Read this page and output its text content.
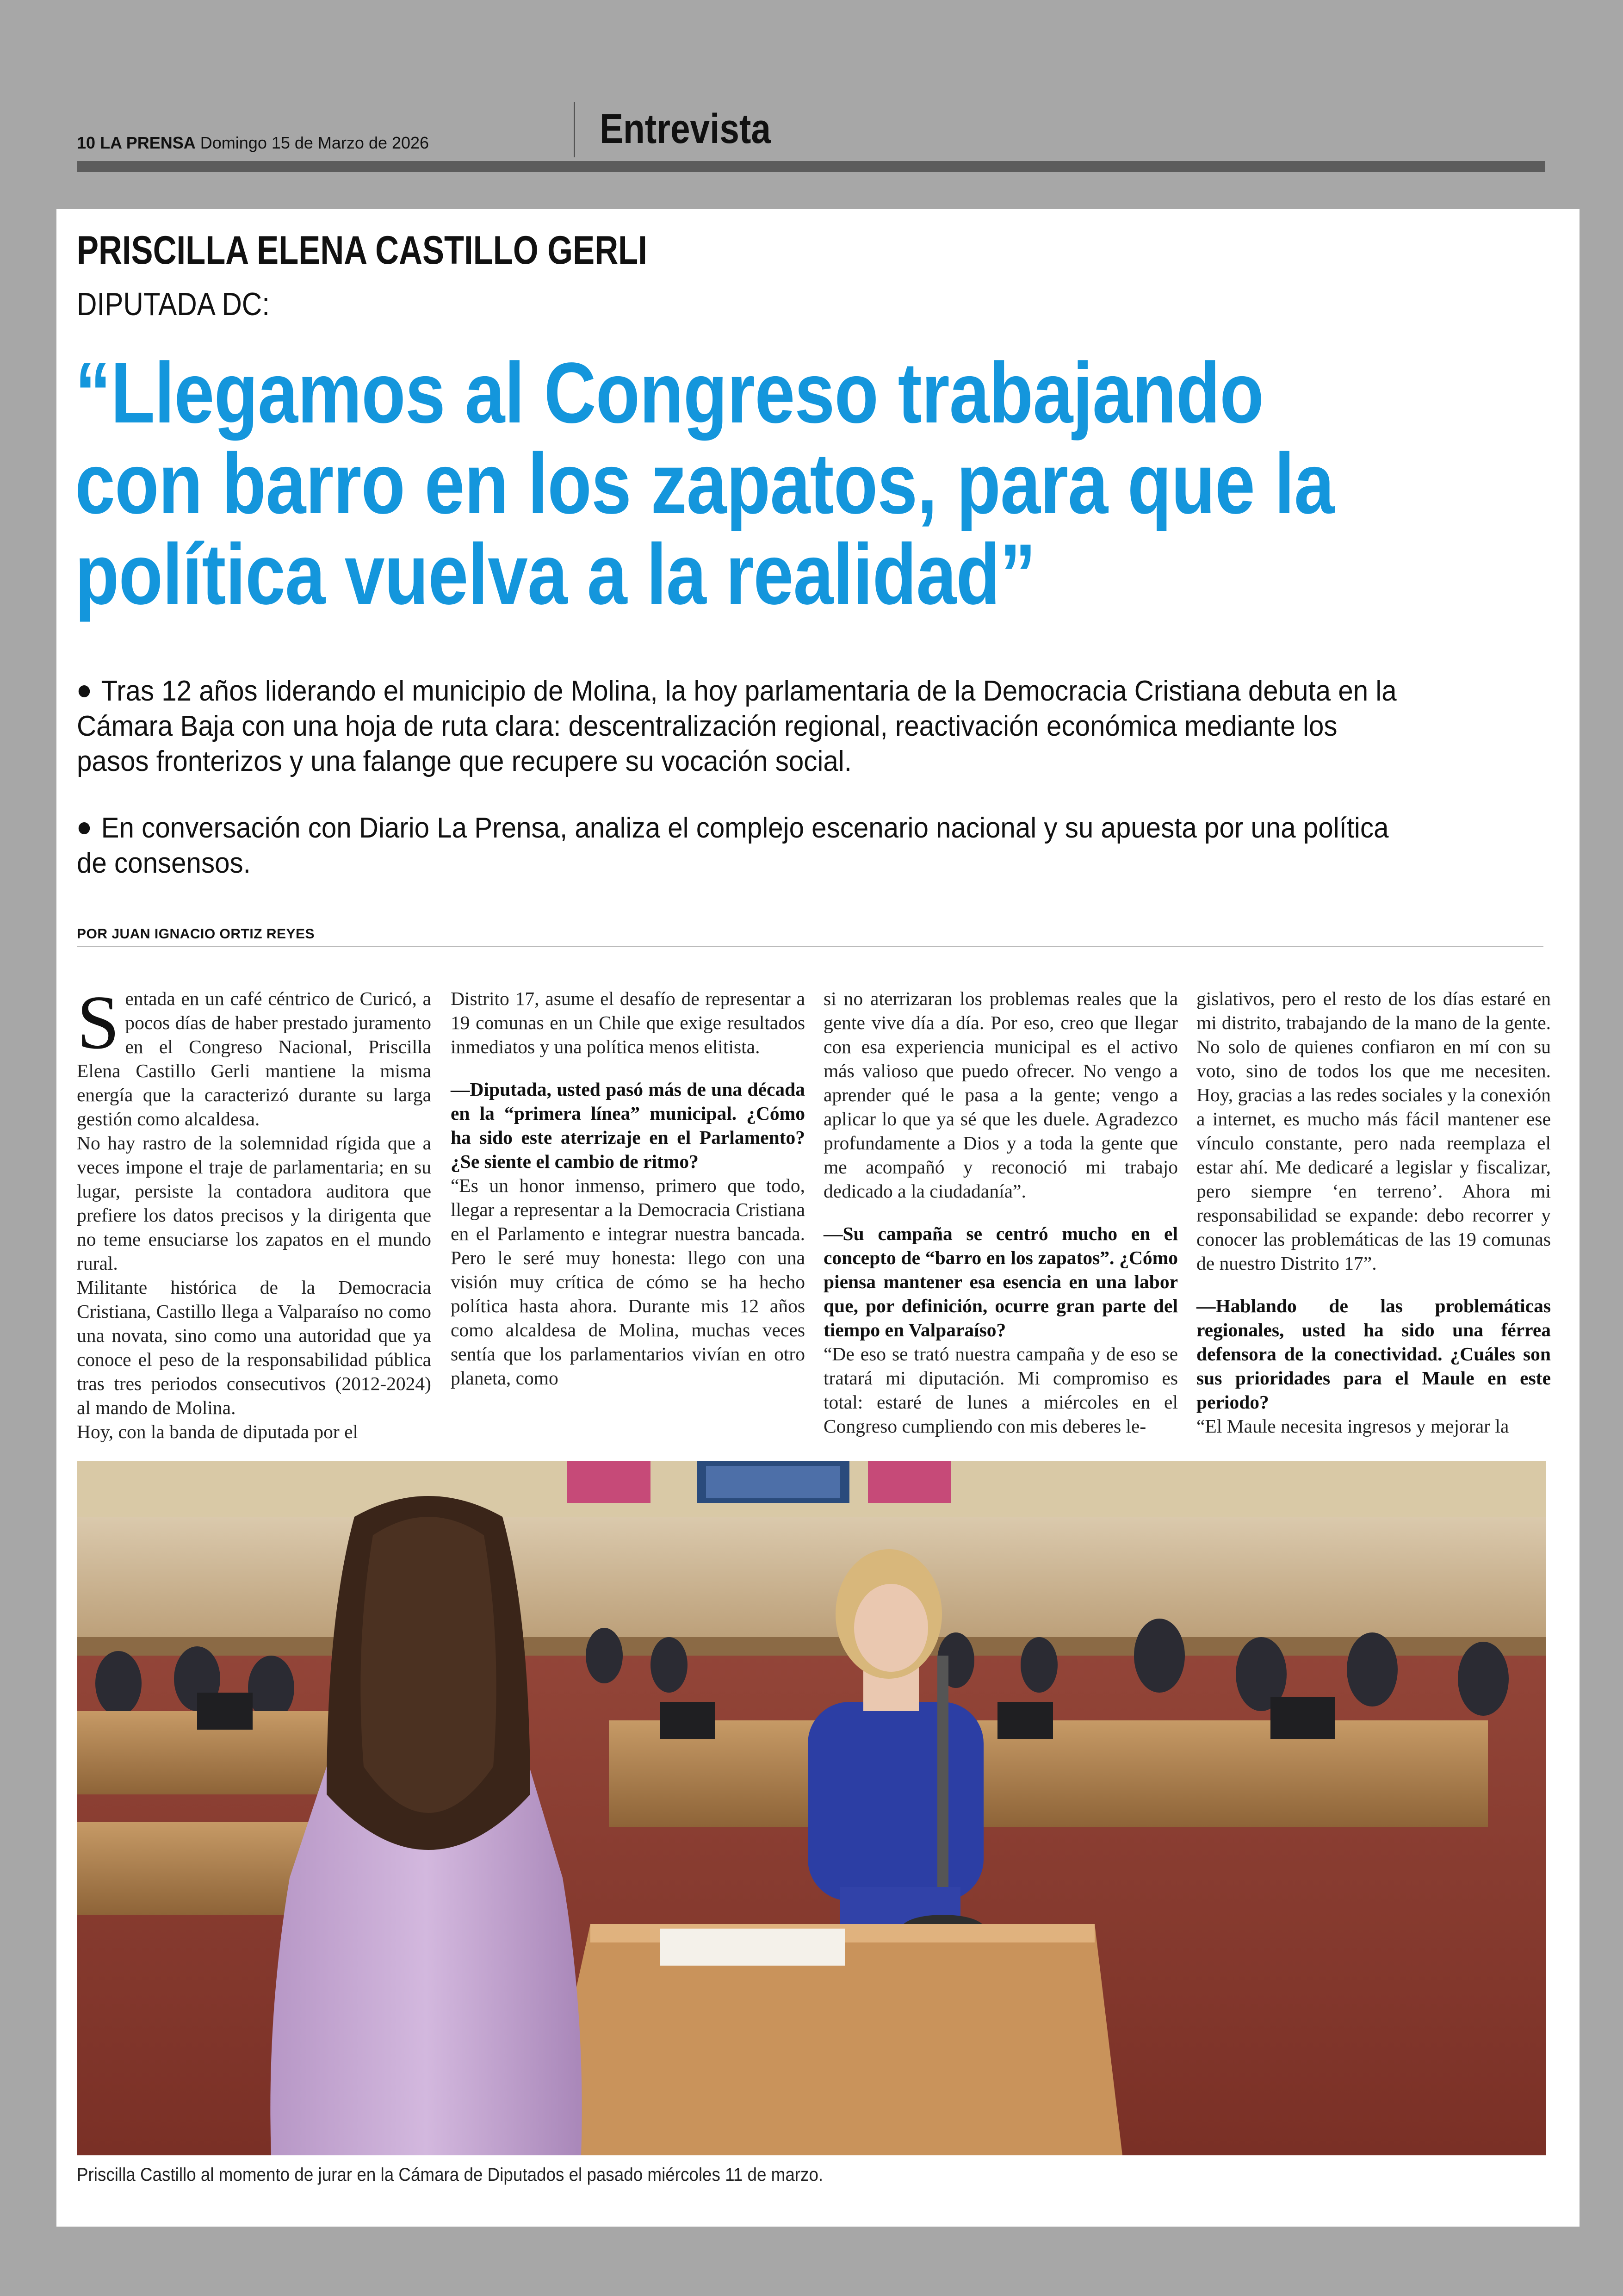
10 LA PRENSA Domingo 15 de Marzo de 2026	Entrevista
PRISCILLA ELENA CASTILLO GERLI
DIPUTADA DC:
“Llegamos al Congreso trabajando
con barro en los zapatos, para que la
política vuelva a la realidad”
Tras 12 años liderando el municipio de Molina, la hoy parlamentaria de la Democracia Cristiana debuta en la Cámara Baja con una hoja de ruta clara: descentralización regional, reactivación económica mediante los pasos fronterizos y una falange que recupere su vocación social.
En conversación con Diario La Prensa, analiza el complejo escenario nacional y su apuesta por una política de consensos.
POR JUAN IGNACIO ORTIZ REYES

Sentada en un café céntrico de Curicó, a pocos días de haber prestado juramento en el Congreso Nacional, Priscilla Elena Castillo Gerli mantiene la misma energía que la caracterizó durante su larga gestión como alcaldesa.

No hay rastro de la solemnidad rígida que a veces impone el traje de parlamentaria; en su lugar, persiste la contadora auditora que prefiere los datos precisos y la dirigenta que no teme ensuciarse los zapatos en el mundo rural.

Militante histórica de la Democracia Cristiana, Castillo llega a Valparaíso no como una novata, sino como una autoridad que ya conoce el peso de la responsabilidad pública tras tres periodos consecutivos (2012-2024) al mando de Molina.

Hoy, con la banda de diputada por el

Distrito 17, asume el desafío de representar a 19 comunas en un Chile que exige resultados inmediatos y una política menos elitista.

—Diputada, usted pasó más de una década en la “primera línea” municipal. ¿Cómo ha sido este aterrizaje en el Parlamento? ¿Se siente el cambio de ritmo?

“Es un honor inmenso, primero que todo, llegar a representar a la Democracia Cristiana en el Parlamento e integrar nuestra bancada. Pero le seré muy honesta: llego con una visión muy crítica de cómo se ha hecho política hasta ahora. Durante mis 12 años como alcaldesa de Molina, muchas veces sentía que los parlamentarios vivían en otro planeta, como

si no aterrizaran los problemas reales que la gente vive día a día. Por eso, creo que llegar con esa experiencia municipal es el activo más valioso que puedo ofrecer. No vengo a aprender qué le pasa a la gente; vengo a aplicar lo que ya sé que les duele. Agradezco profundamente a Dios y a toda la gente que me acompañó y reconoció mi trabajo dedicado a la ciudadanía”.

—Su campaña se centró mucho en el concepto de “barro en los zapatos”. ¿Cómo piensa mantener esa esencia en una labor que, por definición, ocurre gran parte del tiempo en Valparaíso?

“De eso se trató nuestra campaña y de eso se tratará mi diputación. Mi compromiso es total: estaré de lunes a miércoles en el Congreso cumpliendo con mis deberes le-

gislativos, pero el resto de los días estaré en mi distrito, trabajando de la mano de la gente. No solo de quienes confiaron en mí con su voto, sino de todos los que me necesiten. Hoy, gracias a las redes sociales y la conexión a internet, es mucho más fácil mantener ese vínculo constante, pero nada reemplaza el estar ahí. Me dedicaré a legislar y fiscalizar, pero siempre ‘en terreno’. Ahora mi responsabilidad se expande: debo recorrer y conocer las problemáticas de las 19 comunas de nuestro Distrito 17”.

—Hablando de las problemáticas regionales, usted ha sido una férrea defensora de la conectividad. ¿Cuáles son sus prioridades para el Maule en este periodo?

“El Maule necesita ingresos y mejorar la

Priscilla Castillo al momento de jurar en la Cámara de Diputados el pasado miércoles 11 de marzo.
